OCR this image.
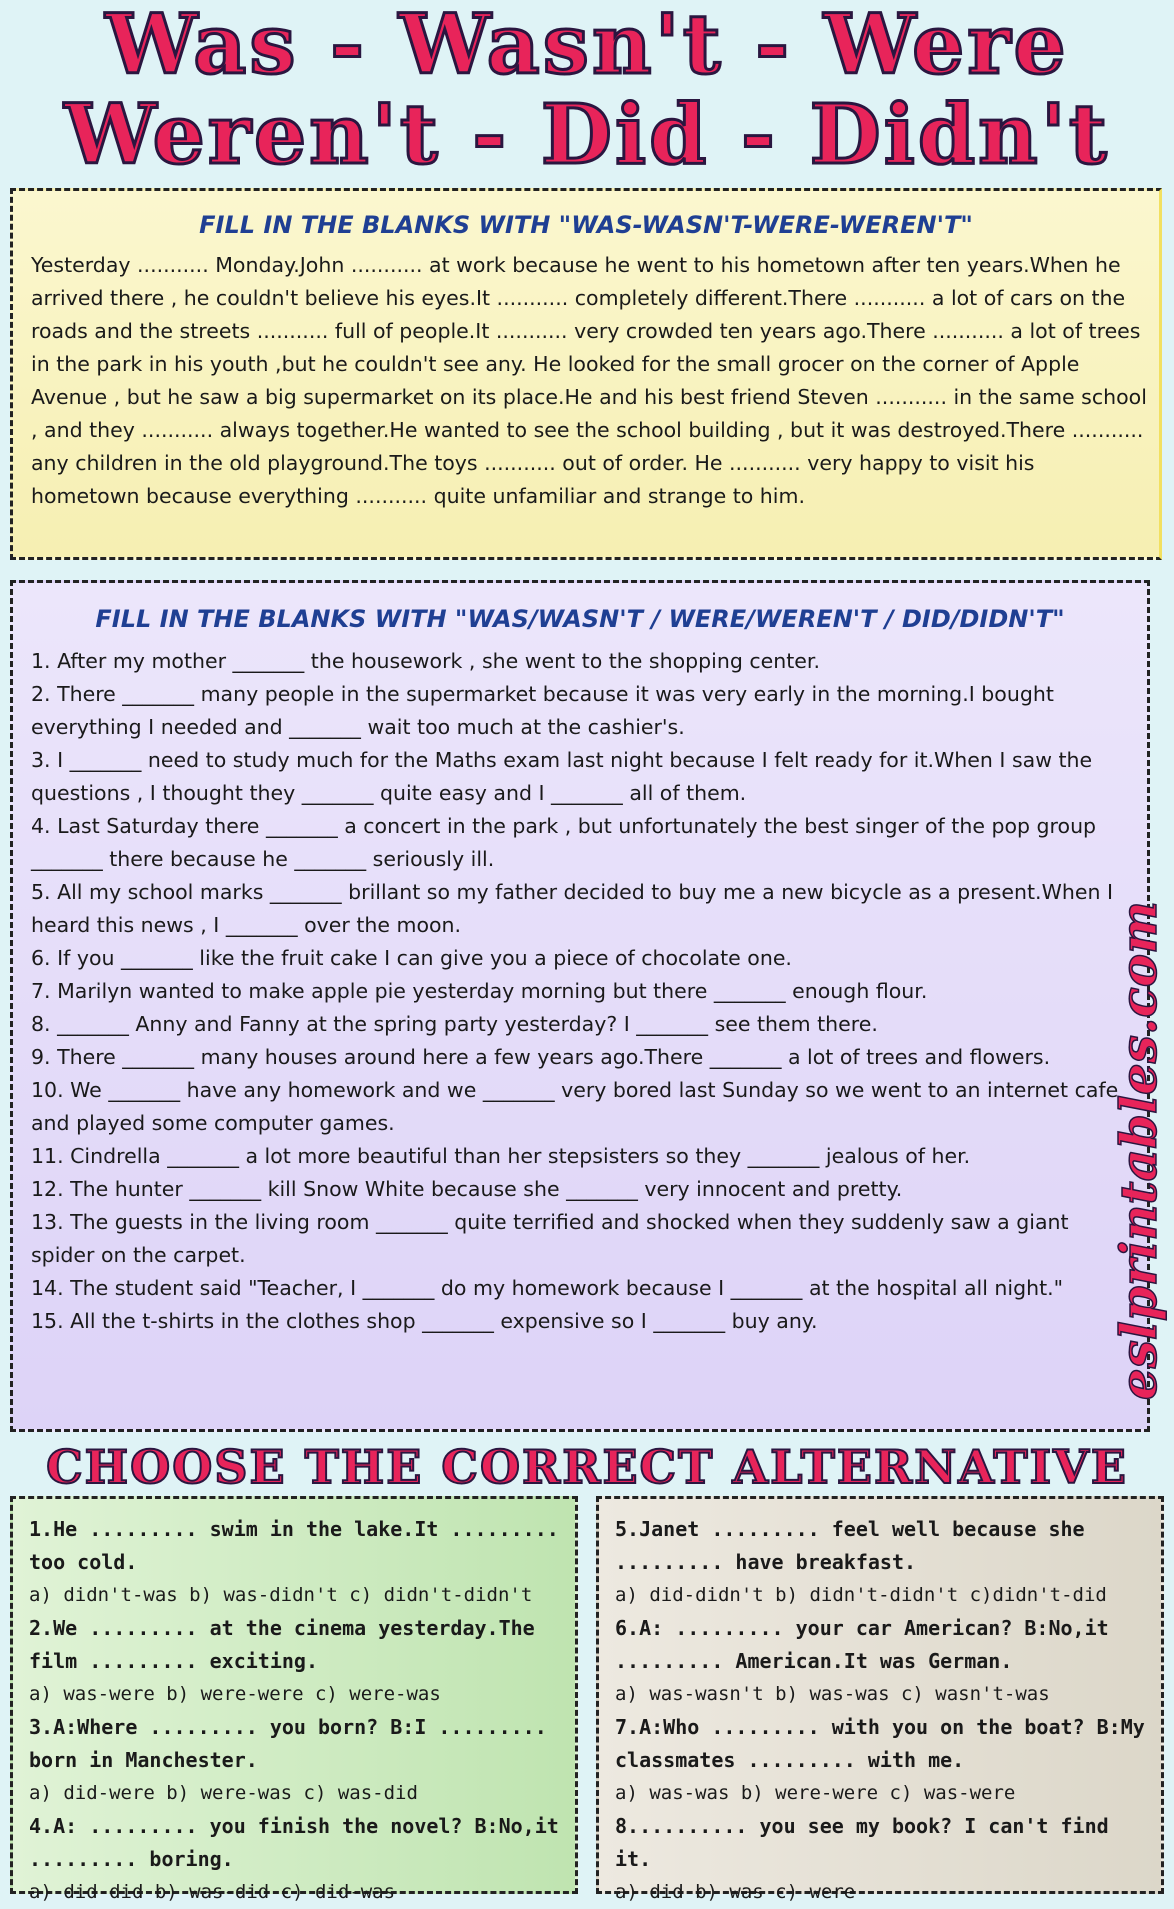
Was - Wasn't - Were
Weren't - Did - Didn't

FILL IN THE BLANKS WITH "WAS-WASN'T-WERE-WEREN'T"

Yesterday ........... Monday.John ........... at work because he went to his hometown after ten years.When he arrived there , he couldn't believe his eyes.It ........... completely different.There ........... a lot of cars on the roads and the streets ........... full of people.It ........... very crowded ten years ago.There ........... a lot of trees in the park in his youth ,but he couldn't see any. He looked for the small grocer on the corner of Apple Avenue , but he saw a big supermarket on its place.He and his best friend Steven ........... in the same school , and they ........... always together.He wanted to see the school building , but it was destroyed.There ........... any children in the old playground.The toys ........... out of order. He ........... very happy to visit his hometown because everything ........... quite unfamiliar and strange to him.

FILL IN THE BLANKS WITH "WAS/WASN'T / WERE/WEREN'T / DID/DIDN'T"

1. After my mother _______ the housework , she went to the shopping center.
2. There _______ many people in the supermarket because it was very early in the morning.I bought everything I needed and _______ wait too much at the cashier's.
3. I _______ need to study much for the Maths exam last night because I felt ready for it.When I saw the questions , I thought they _______ quite easy and I _______ all of them.
4. Last Saturday there _______ a concert in the park , but unfortunately the best singer of the pop group _______ there because he _______ seriously ill.
5. All my school marks _______ brillant so my father decided to buy me a new bicycle as a present.When I heard this news , I _______ over the moon.
6. If you _______ like the fruit cake I can give you a piece of chocolate one.
7. Marilyn wanted to make apple pie yesterday morning but there _______ enough flour.
8. _______ Anny and Fanny at the spring party yesterday? I _______ see them there.
9. There _______ many houses around here a few years ago.There _______ a lot of trees and flowers.
10. We _______ have any homework and we _______ very bored last Sunday so we went to an internet cafe and played some computer games.
11. Cindrella _______ a lot more beautiful than her stepsisters so they _______ jealous of her.
12. The hunter _______ kill Snow White because she _______ very innocent and pretty.
13. The guests in the living room _______ quite terrified and shocked when they suddenly saw a giant spider on the carpet.
14. The student said "Teacher, I _______ do my homework because I _______ at the hospital all night."
15. All the t-shirts in the clothes shop _______ expensive so I _______ buy any.	eslprintables.com
CHOOSE THE CORRECT ALTERNATIVE
1.He ......... swim in the lake.It ......... too cold.
a) didn't-was b) was-didn't c) didn't-didn't
2.We ......... at the cinema yesterday.The film ......... exciting.
a) was-were b) were-were c) were-was
3.A:Where ......... you born? B:I ......... born in Manchester.
a) did-were b) were-was c) was-did
4.A: ......... you finish the novel? B:No,it ......... boring.
a) did-did b) was-did c) did-was
5.Janet ......... feel well because she ......... have breakfast.
a) did-didn't b) didn't-didn't c)didn't-did
6.A: ......... your car American? B:No,it ......... American.It was German.
a) was-wasn't b) was-was c) wasn't-was
7.A:Who ......... with you on the boat? B:My classmates ......... with me.
a) was-was b) were-were c) was-were
8.......... you see my book? I can't find it.
a) did b) was c) were
